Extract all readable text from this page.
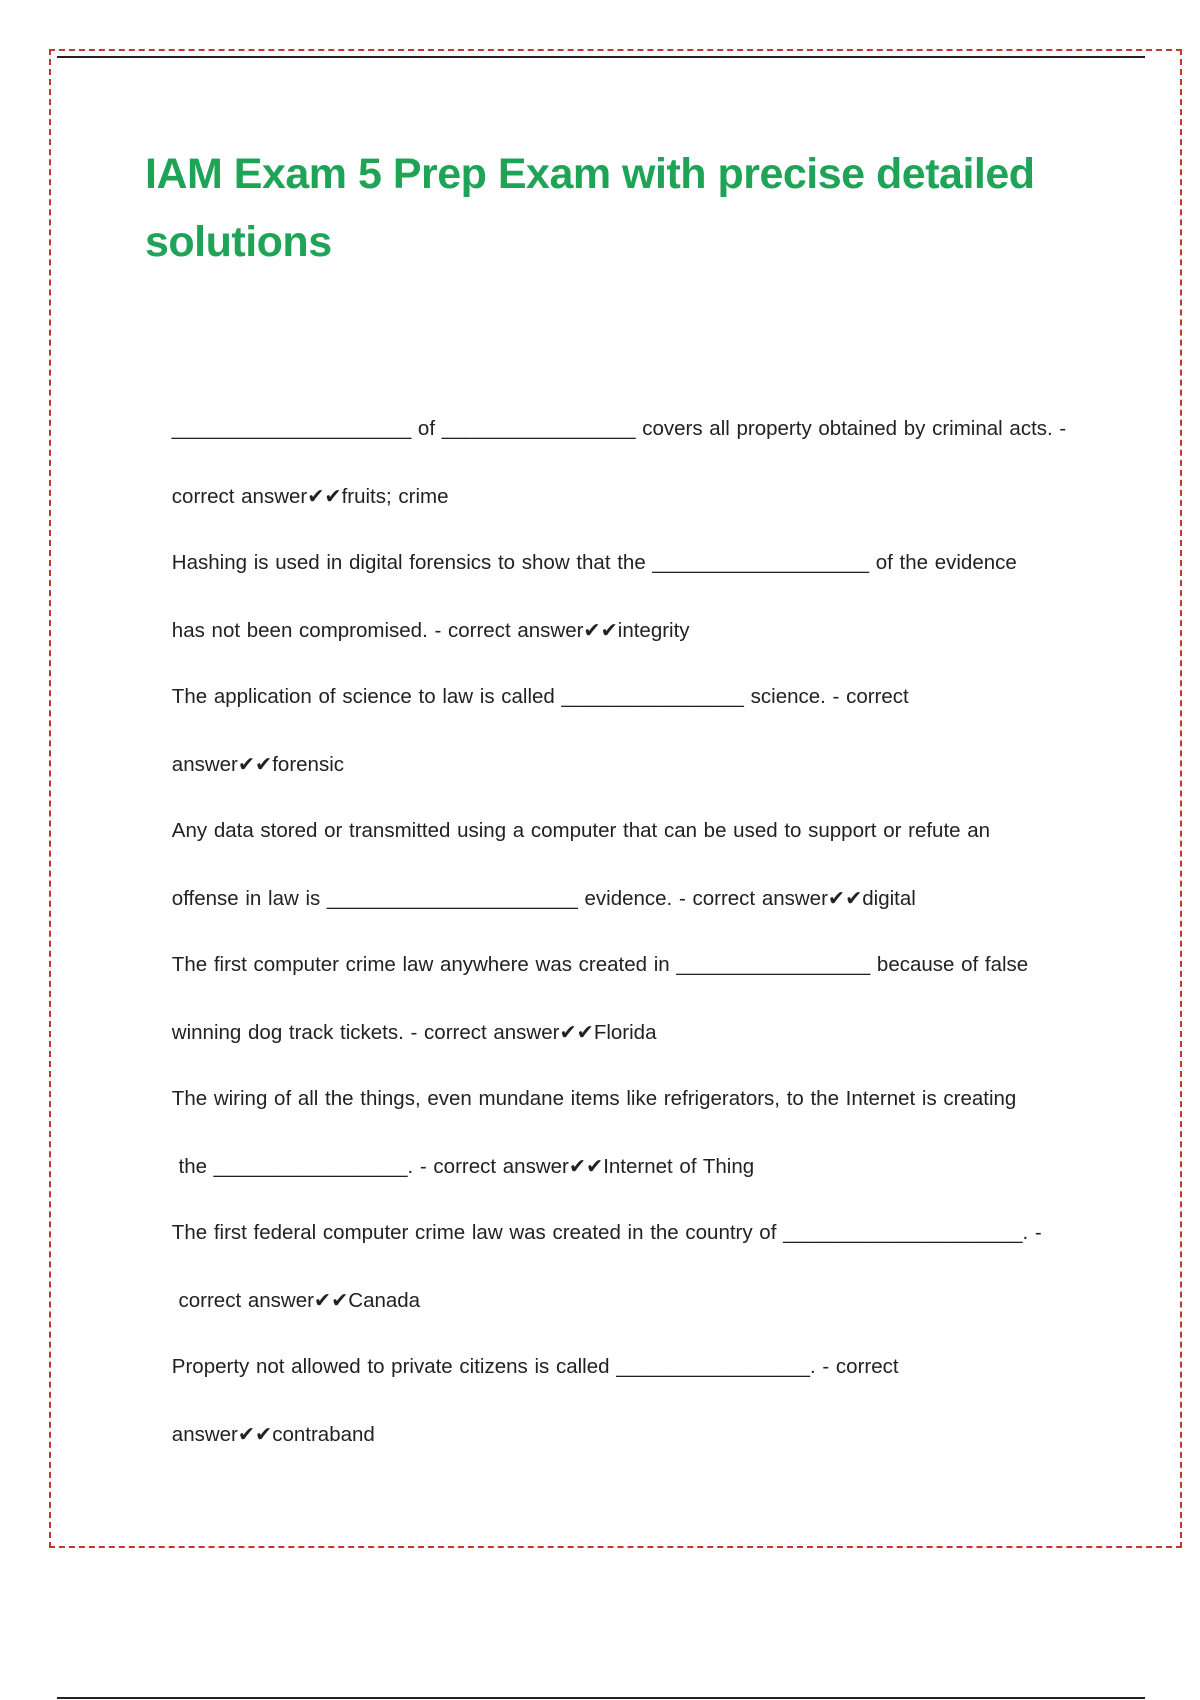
IAM Exam 5 Prep Exam with precise detailed solutions

_____________________ of _________________ covers all property obtained by criminal acts. -

correct answer✔✔fruits; crime

Hashing is used in digital forensics to show that the ___________________ of the evidence

has not been compromised. - correct answer✔✔integrity

The application of science to law is called ________________ science. - correct

answer✔✔forensic

Any data stored or transmitted using a computer that can be used to support or refute an

offense in law is ______________________ evidence. - correct answer✔✔digital

The first computer crime law anywhere was created in _________________ because of false

winning dog track tickets. - correct answer✔✔Florida

The wiring of all the things, even mundane items like refrigerators, to the Internet is creating

the _________________. - correct answer✔✔Internet of Thing

The first federal computer crime law was created in the country of _____________________. -

correct answer✔✔Canada

Property not allowed to private citizens is called _________________. - correct

answer✔✔contraband
